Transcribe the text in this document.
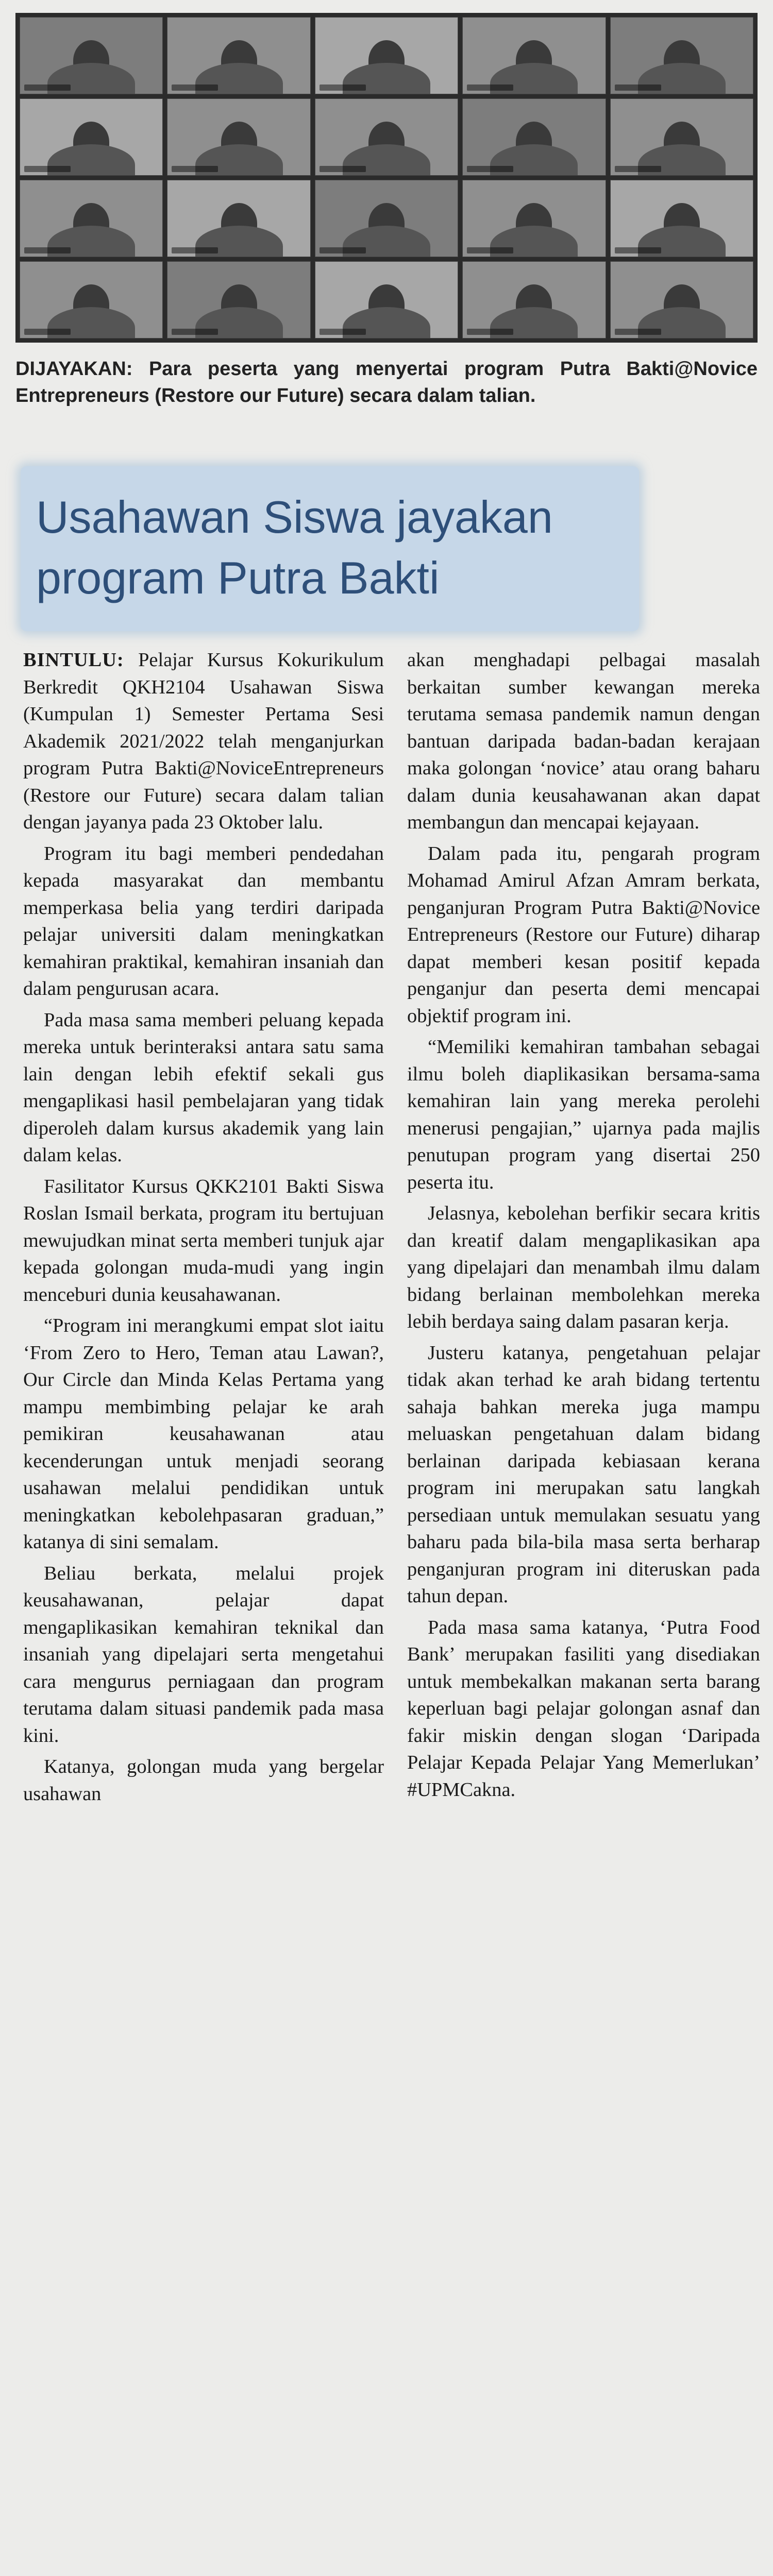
DIJAYAKAN: Para peserta yang menyertai program Putra Bakti@Novice Entrepreneurs (Restore our Future) secara dalam talian.
Usahawan Siswa jayakan program Putra Bakti

BINTULU: Pelajar Kursus Kokurikulum Berkredit QKH2104 Usahawan Siswa (Kumpulan 1) Semester Pertama Sesi Akademik 2021/2022 telah menganjurkan program Putra Bakti@NoviceEntrepreneurs (Restore our Future) secara dalam talian dengan jayanya pada 23 Oktober lalu.

Program itu bagi memberi pendedahan kepada masyarakat dan membantu memperkasa belia yang terdiri daripada pelajar universiti dalam meningkatkan kemahiran praktikal, kemahiran insaniah dan dalam pengurusan acara.

Pada masa sama memberi peluang kepada mereka untuk berinteraksi antara satu sama lain dengan lebih efektif sekali gus mengaplikasi hasil pembelajaran yang tidak diperoleh dalam kursus akademik yang lain dalam kelas.

Fasilitator Kursus QKK2101 Bakti Siswa Roslan Ismail berkata, program itu bertujuan mewujudkan minat serta memberi tunjuk ajar kepada golongan muda-mudi yang ingin menceburi dunia keusahawanan.

“Program ini merangkumi empat slot iaitu ‘From Zero to Hero, Teman atau Lawan?, Our Circle dan Minda Kelas Pertama yang mampu membimbing pelajar ke arah pemikiran keusahawanan atau kecenderungan untuk menjadi seorang usahawan melalui pendidikan untuk meningkatkan kebolehpasaran graduan,” katanya di sini semalam.

Beliau berkata, melalui projek keusahawanan, pelajar dapat mengaplikasikan kemahiran teknikal dan insaniah yang dipelajari serta mengetahui cara mengurus perniagaan dan program terutama dalam situasi pandemik pada masa kini.

Katanya, golongan muda yang bergelar usahawan

akan menghadapi pelbagai masalah berkaitan sumber kewangan mereka terutama semasa pandemik namun dengan bantuan daripada badan-badan kerajaan maka golongan ‘novice’ atau orang baharu dalam dunia keusahawanan akan dapat membangun dan mencapai kejayaan.

Dalam pada itu, pengarah program Mohamad Amirul Afzan Amram berkata, penganjuran Program Putra Bakti@Novice Entrepreneurs (Restore our Future) diharap dapat memberi kesan positif kepada penganjur dan peserta demi mencapai objektif program ini.

“Memiliki kemahiran tambahan sebagai ilmu boleh diaplikasikan bersama-sama kemahiran lain yang mereka perolehi menerusi pengajian,” ujarnya pada majlis penutupan program yang disertai 250 peserta itu.

Jelasnya, kebolehan berfikir secara kritis dan kreatif dalam mengaplikasikan apa yang dipelajari dan menambah ilmu dalam bidang berlainan membolehkan mereka lebih berdaya saing dalam pasaran kerja.

Justeru katanya, pengetahuan pelajar tidak akan terhad ke arah bidang tertentu sahaja bahkan mereka juga mampu meluaskan pengetahuan dalam bidang berlainan daripada kebiasaan kerana program ini merupakan satu langkah persediaan untuk memulakan sesuatu yang baharu pada bila-bila masa serta berharap penganjuran program ini diteruskan pada tahun depan.

Pada masa sama katanya, ‘Putra Food Bank’ merupakan fasiliti yang disediakan untuk membekalkan makanan serta barang keperluan bagi pelajar golongan asnaf dan fakir miskin dengan slogan ‘Daripada Pelajar Kepada Pelajar Yang Memerlukan’ #UPMCakna.
